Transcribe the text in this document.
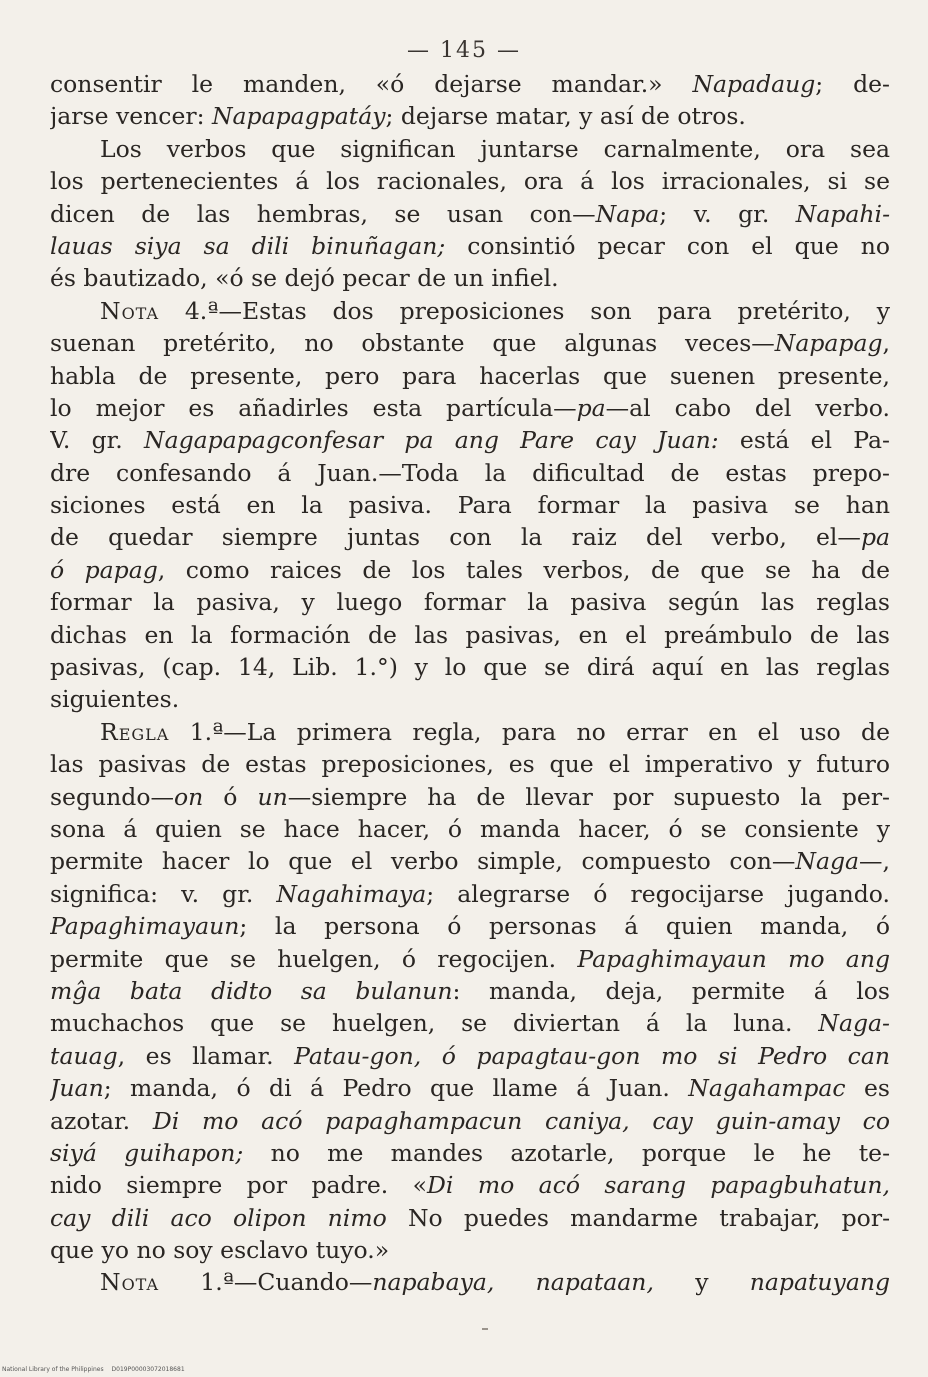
— 145 —
consentir le manden, «ó dejarse mandar.» Napadaug; de-
jarse vencer: Napapagpatáy; dejarse matar, y así de otros.
Los verbos que significan juntarse carnalmente, ora sea
los pertenecientes á los racionales, ora á los irracionales, si se
dicen de las hembras, se usan con—Napa; v. gr. Napahi-
lauas siya sa dili binuñagan; consintió pecar con el que no
és bautizado, «ó se dejó pecar de un infiel.
Nota 4.ª—Estas dos preposiciones son para pretérito, y
suenan pretérito, no obstante que algunas veces—Napapag,
habla de presente, pero para hacerlas que suenen presente,
lo mejor es añadirles esta partícula—pa—al cabo del verbo.
V. gr. Nagapapagconfesar pa ang Pare cay Juan: está el Pa-
dre confesando á Juan.—Toda la dificultad de estas prepo-
siciones está en la pasiva. Para formar la pasiva se han
de quedar siempre juntas con la raiz del verbo, el—pa
ó papag, como raices de los tales verbos, de que se ha de
formar la pasiva, y luego formar la pasiva según las reglas
dichas en la formación de las pasivas, en el preámbulo de las
pasivas, (cap. 14, Lib. 1.°) y lo que se dirá aquí en las reglas
siguientes.
Regla 1.ª—La primera regla, para no errar en el uso de
las pasivas de estas preposiciones, es que el imperativo y futuro
segundo—on ó un—siempre ha de llevar por supuesto la per-
sona á quien se hace hacer, ó manda hacer, ó se consiente y
permite hacer lo que el verbo simple, compuesto con—Naga—,
significa: v. gr. Nagahimaya; alegrarse ó regocijarse jugando.
Papaghimayaun; la persona ó personas á quien manda, ó
permite que se huelgen, ó regocijen. Papaghimayaun mo ang
mĝa bata didto sa bulanun: manda, deja, permite á los
muchachos que se huelgen, se diviertan á la luna. Naga-
tauag, es llamar. Patau-gon, ó papagtau-gon mo si Pedro can
Juan; manda, ó di á Pedro que llame á Juan. Nagahampac es
azotar. Di mo acó papaghampacun caniya, cay guin-amay co
siyá guihapon; no me mandes azotarle, porque le he te-
nido siempre por padre. «Di mo acó sarang papagbuhatun,
cay dili aco olipon nimo No puedes mandarme trabajar, por-
que yo no soy esclavo tuyo.»
Nota 1.ª—Cuando—napabaya, napataan, y napatuyang
National Library of the Philippines D019P00003072018681
